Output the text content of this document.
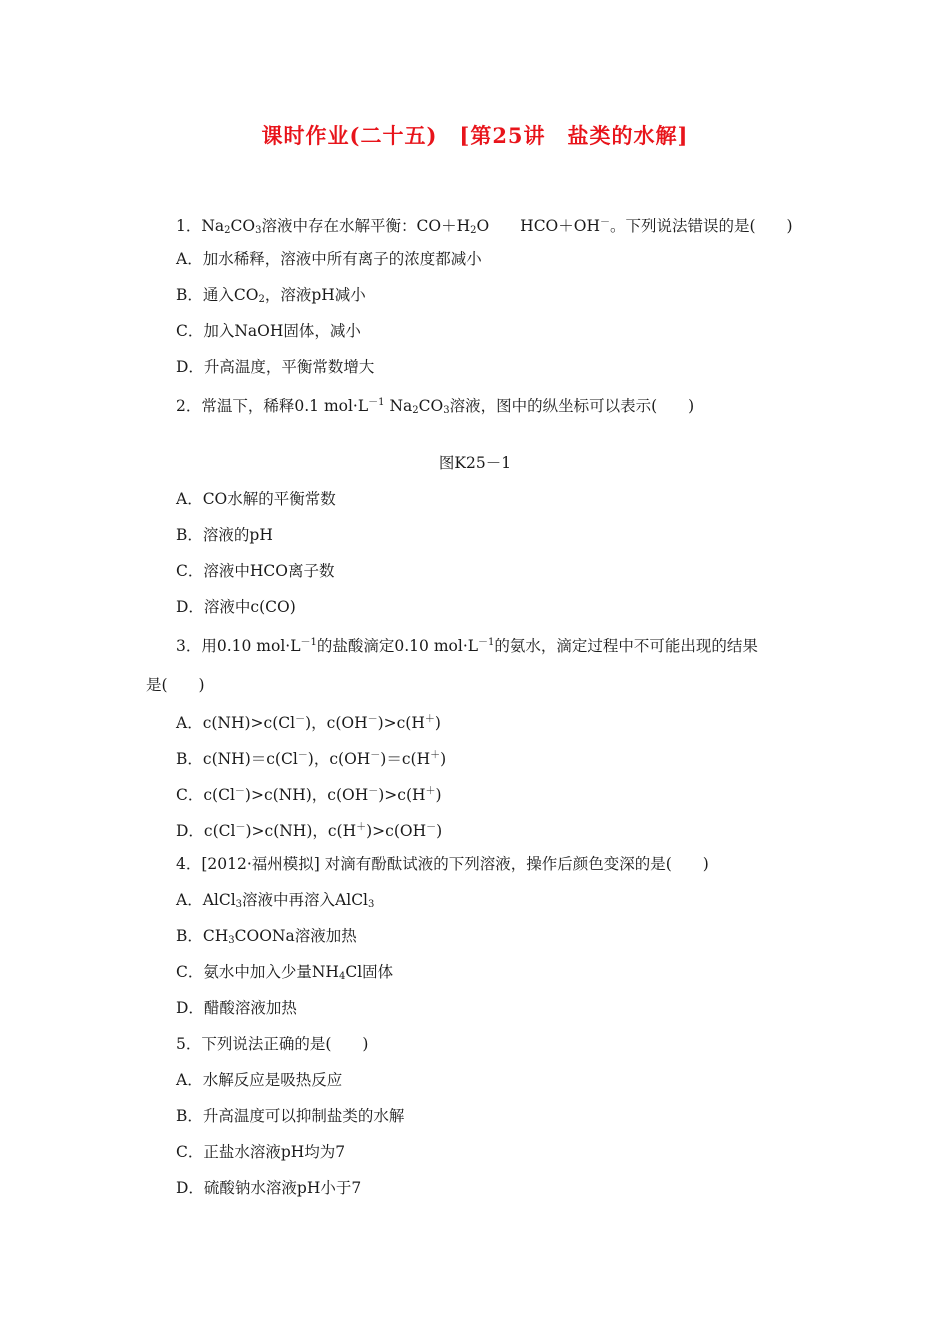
课时作业(二十五)　[第25讲　盐类的水解]
1．$Na_2CO_3$溶液中存在水解平衡：$CO+H_2O$　　HCO＋OH－。下列说法错误的是(　　)
A．加水稀释，溶液中所有离子的浓度都减小
B．通入$CO_2$，溶液pH减小
C．加入NaOH固体，减小
D．升高温度，平衡常数增大
2．常温下，稀释0.1 $mol\cdot L^{-1}$ $Na_2CO_3$溶液，图中的纵坐标可以表示(　　)
图K25－1
A．CO水解的平衡常数
B．溶液的pH
C．溶液中HCO离子数
D．溶液中c(CO)
3．用0.10 $mol\cdot L^{-1}$的盐酸滴定0.10 $mol\cdot L^{-1}$的氨水，滴定过程中不可能出现的结果
是(　　)
A．c(NH)>c(Cl－)，c(OH－)>c(H＋)
B．c(NH)＝c(Cl－)，c(OH－)＝c(H＋)
C．c(Cl－)>c(NH)，c(OH－)>c(H＋)
D．c(Cl－)>c(NH)，c(H＋)>c(OH－)
4．[2012·福州模拟] 对滴有酚酞试液的下列溶液，操作后颜色变深的是(　　)
A．AlCl$_3$溶液中再溶入AlCl$_3$
B．$CH_3COONa$溶液加热
C．氨水中加入少量$NH_4Cl$固体
D．醋酸溶液加热
5．下列说法正确的是(　　)
A．水解反应是吸热反应
B．升高温度可以抑制盐类的水解
C．正盐水溶液pH均为7
D．硫酸钠水溶液pH小于7
